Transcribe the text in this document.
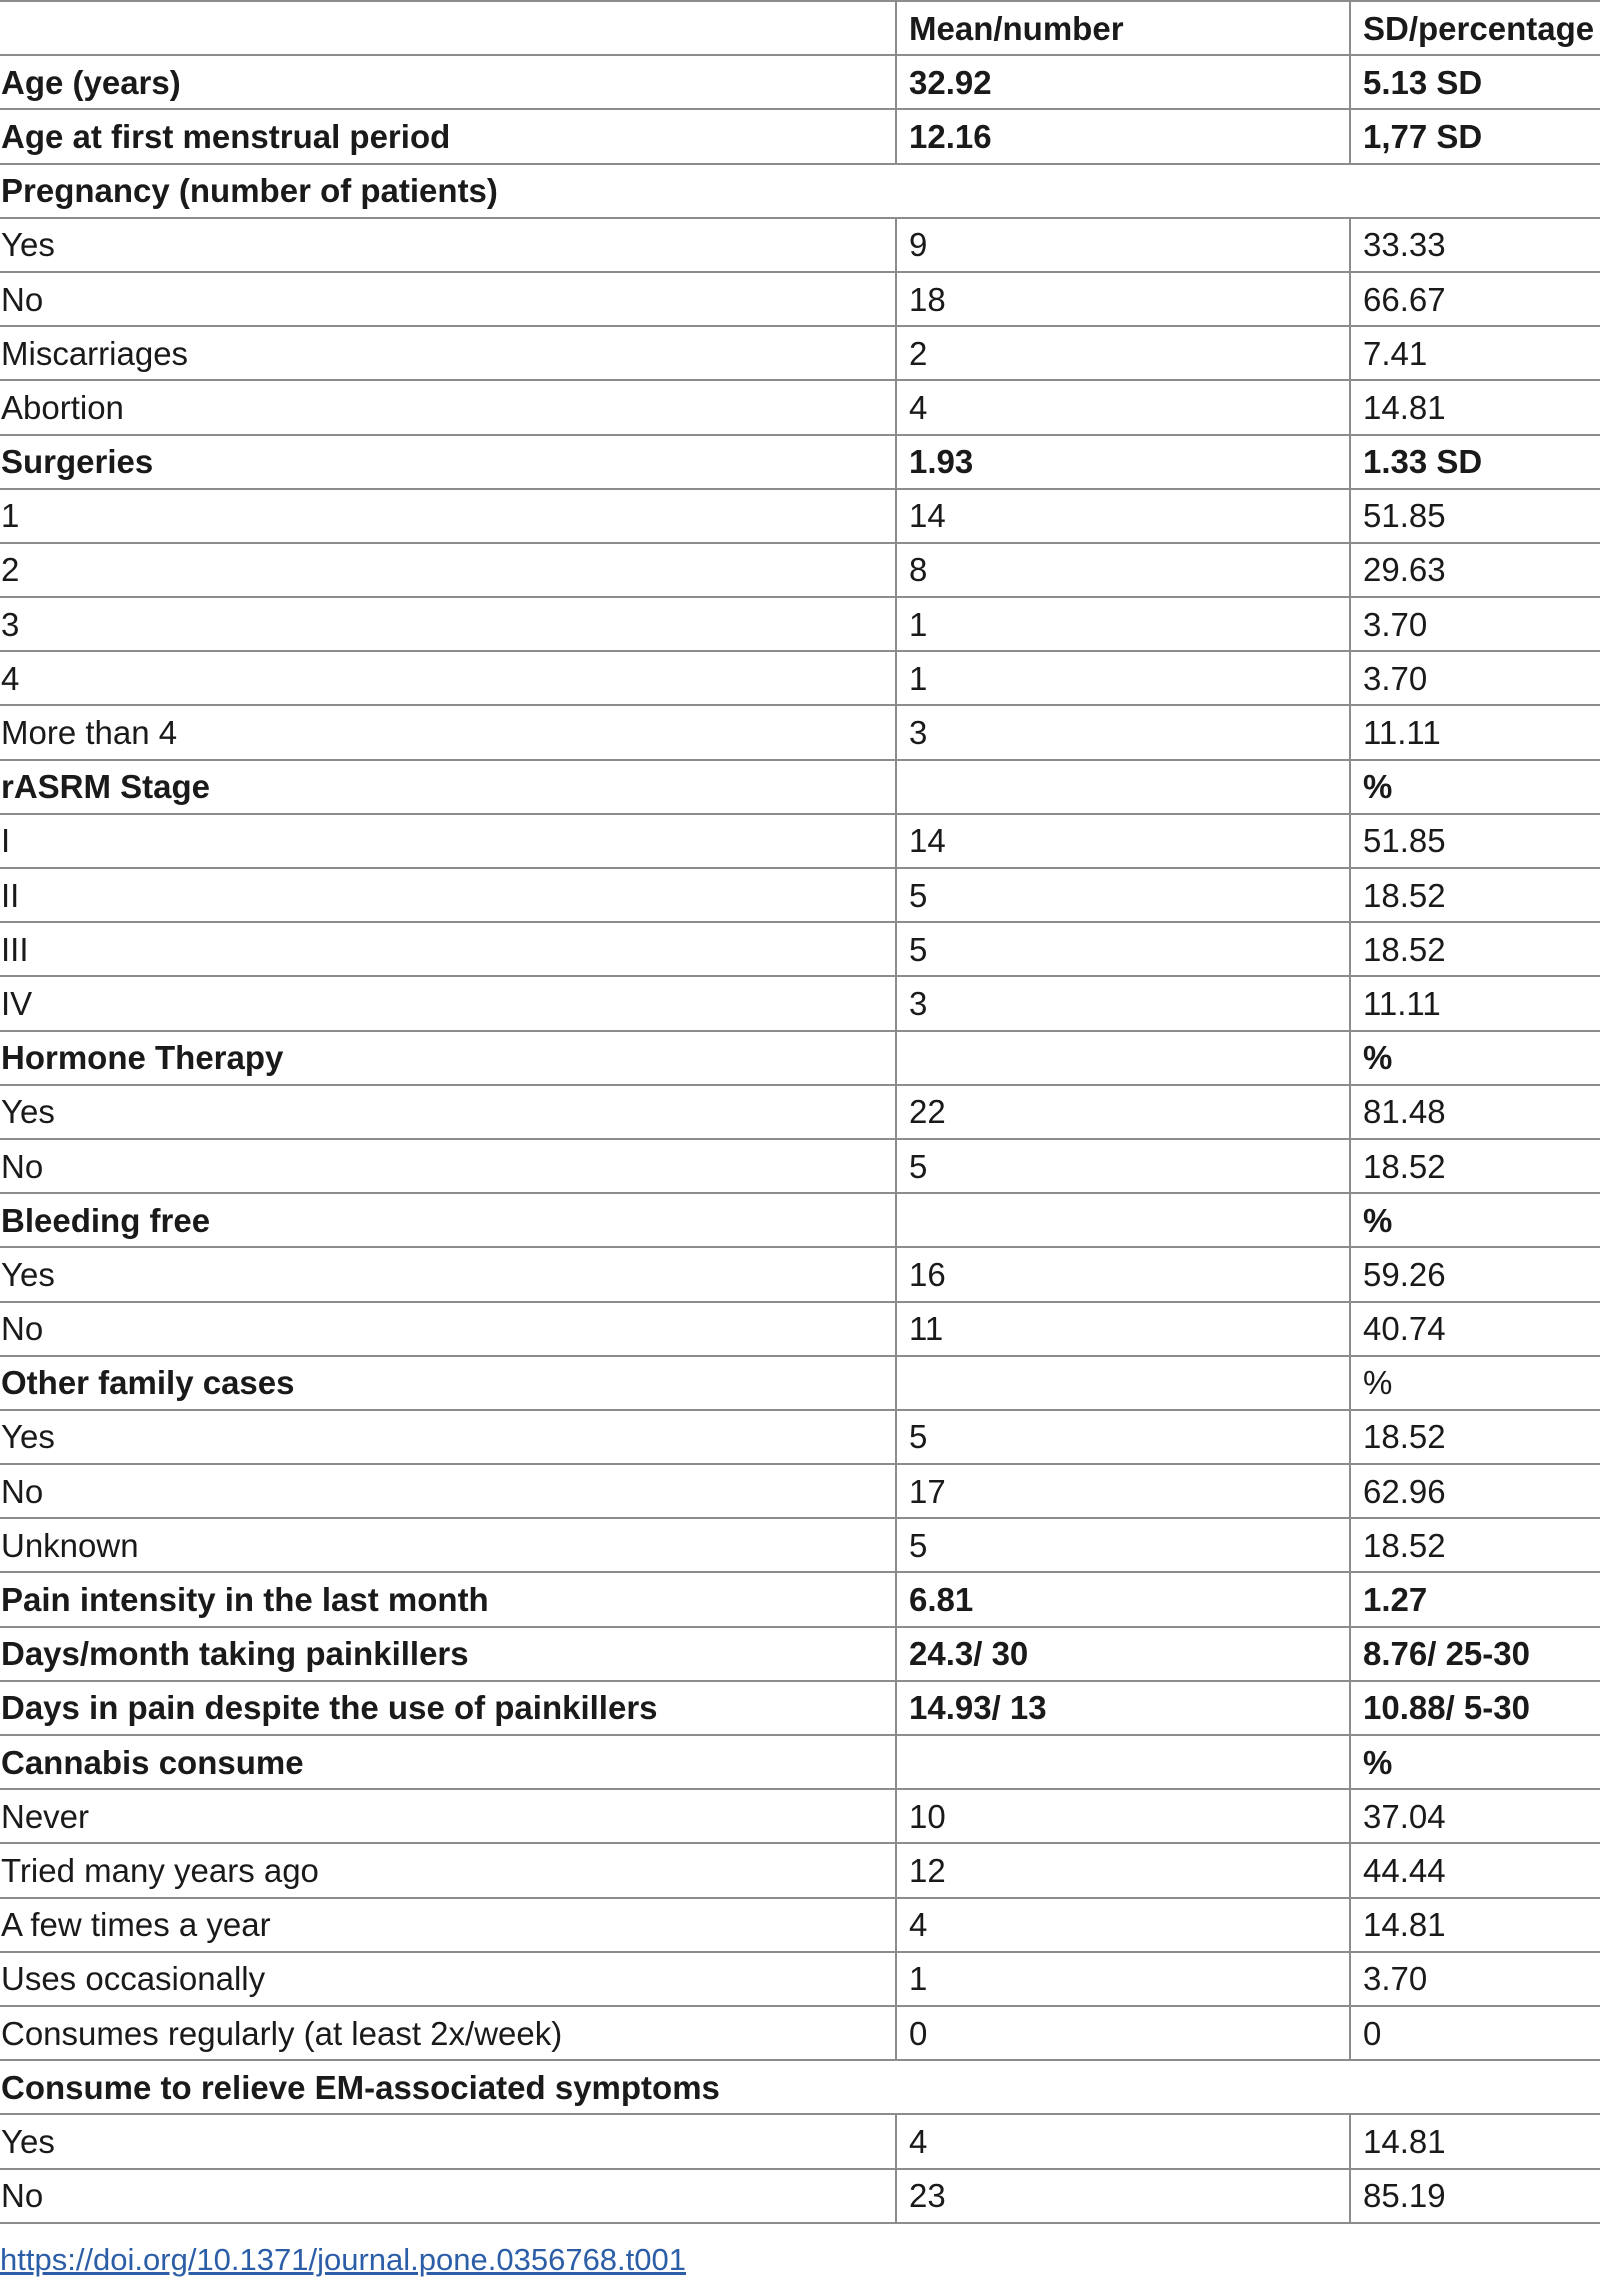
	Mean/number	SD/percentage
Age (years)	32.92	5.13 SD
Age at first menstrual period	12.16	1,77 SD
Pregnancy (number of patients)		
Yes	9	33.33
No	18	66.67
Miscarriages	2	7.41
Abortion	4	14.81
Surgeries	1.93	1.33 SD
1	14	51.85
2	8	29.63
3	1	3.70
4	1	3.70
More than 4	3	11.11
rASRM Stage		%
I	14	51.85
II	5	18.52
III	5	18.52
IV	3	11.11
Hormone Therapy		%
Yes	22	81.48
No	5	18.52
Bleeding free		%
Yes	16	59.26
No	11	40.74
Other family cases		%
Yes	5	18.52
No	17	62.96
Unknown	5	18.52
Pain intensity in the last month	6.81	1.27
Days/month taking painkillers	24.3/ 30	8.76/ 25-30
Days in pain despite the use of painkillers	14.93/ 13	10.88/ 5-30
Cannabis consume		%
Never	10	37.04
Tried many years ago	12	44.44
A few times a year	4	14.81
Uses occasionally	1	3.70
Consumes regularly (at least 2x/week)	0	0
Consume to relieve EM-associated symptoms		
Yes	4	14.81
No	23	85.19
https://doi.org/10.1371/journal.pone.0356768.t001
